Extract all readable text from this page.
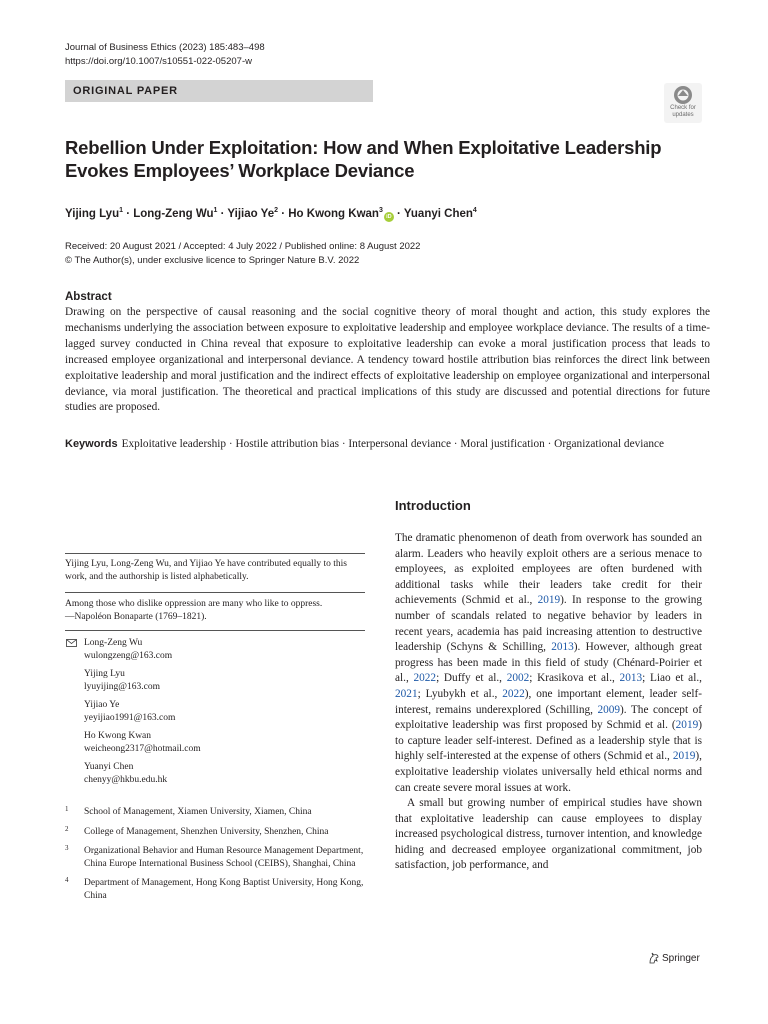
Journal of Business Ethics (2023) 185:483–498
https://doi.org/10.1007/s10551-022-05207-w
ORIGINAL PAPER
Check for
updates
Rebellion Under Exploitation: How and When Exploitative Leadership Evokes Employees’ Workplace Deviance
Yijing Lyu$^1$ · Long-Zeng $Wu^1$ · Yijiao $Ye^2 \cdot Ho$ Kwong Kwan$^3$iD · Yuanyi Chen$^4$
Received: 20 August 2021 / Accepted: 4 July 2022 / Published online: 8 August 2022
© The Author(s), under exclusive licence to Springer Nature B.V. 2022
Abstract
Drawing on the perspective of causal reasoning and the social cognitive theory of moral thought and action, this study explores the mechanisms underlying the association between exposure to exploitative leadership and employee workplace deviance. The results of a time-lagged survey conducted in China reveal that exposure to exploitative leadership can evoke a moral justification process that leads to increased employee organizational and interpersonal deviance. A tendency toward hostile attribution bias reinforces the direct link between exploitative leadership and moral justification and the indirect effects of exploitative leadership on employee organizational and interpersonal deviance, via moral justification. The theoretical and practical implications of this study are discussed and potential directions for future studies are proposed.
Keywords Exploitative leadership · Hostile attribution bias · Interpersonal deviance · Moral justification · Organizational deviance
Introduction

The dramatic phenomenon of death from overwork has sounded an alarm. Leaders who heavily exploit others are a serious menace to employees, as exploited employees are often burdened with additional tasks while their leaders take credit for their achievements (Schmid et al., 2019). In response to the growing number of scandals related to negative behavior by leaders in recent years, academia has paid increasing attention to destructive leadership (Schyns & Schilling, 2013). However, although great progress has been made in this field of study (Chénard-Poirier et al., 2022; Duffy et al., 2002; Krasikova et al., 2013; Liao et al., 2021; Lyubykh et al., 2022), one important element, leader self-interest, remains underexplored (Schilling, 2009). The concept of exploitative leadership was first proposed by Schmid et al. (2019) to capture leader self-interest. Defined as a leadership style that is highly self-interested at the expense of others (Schmid et al., 2019), exploitative leadership violates universally held ethical norms and can create severe moral issues at work.

A small but growing number of empirical studies have shown that exploitative leadership can cause employees to display increased psychological distress, turnover intention, and knowledge hiding and decreased employee organizational commitment, job satisfaction, job performance, and

Yijing Lyu, Long-Zeng Wu, and Yijiao Ye have contributed equally to this work, and the authorship is listed alphabetically.
Among those who dislike oppression are many who like to oppress.
—Napoléon Bonaparte (1769–1821).
Long-Zeng Wu
wulongzeng@163.com
Yijing Lyu
lyuyijing@163.com
Yijiao Ye
yeyijiao1991@163.com
Ho Kwong Kwan
weicheong2317@hotmail.com
Yuanyi Chen
chenyy@hkbu.edu.hk
1 School of Management, Xiamen University, Xiamen, China
2 College of Management, Shenzhen University, Shenzhen, China
3 Organizational Behavior and Human Resource Management Department, China Europe International Business School (CEIBS), Shanghai, China
4 Department of Management, Hong Kong Baptist University, Hong Kong, China
Springer
